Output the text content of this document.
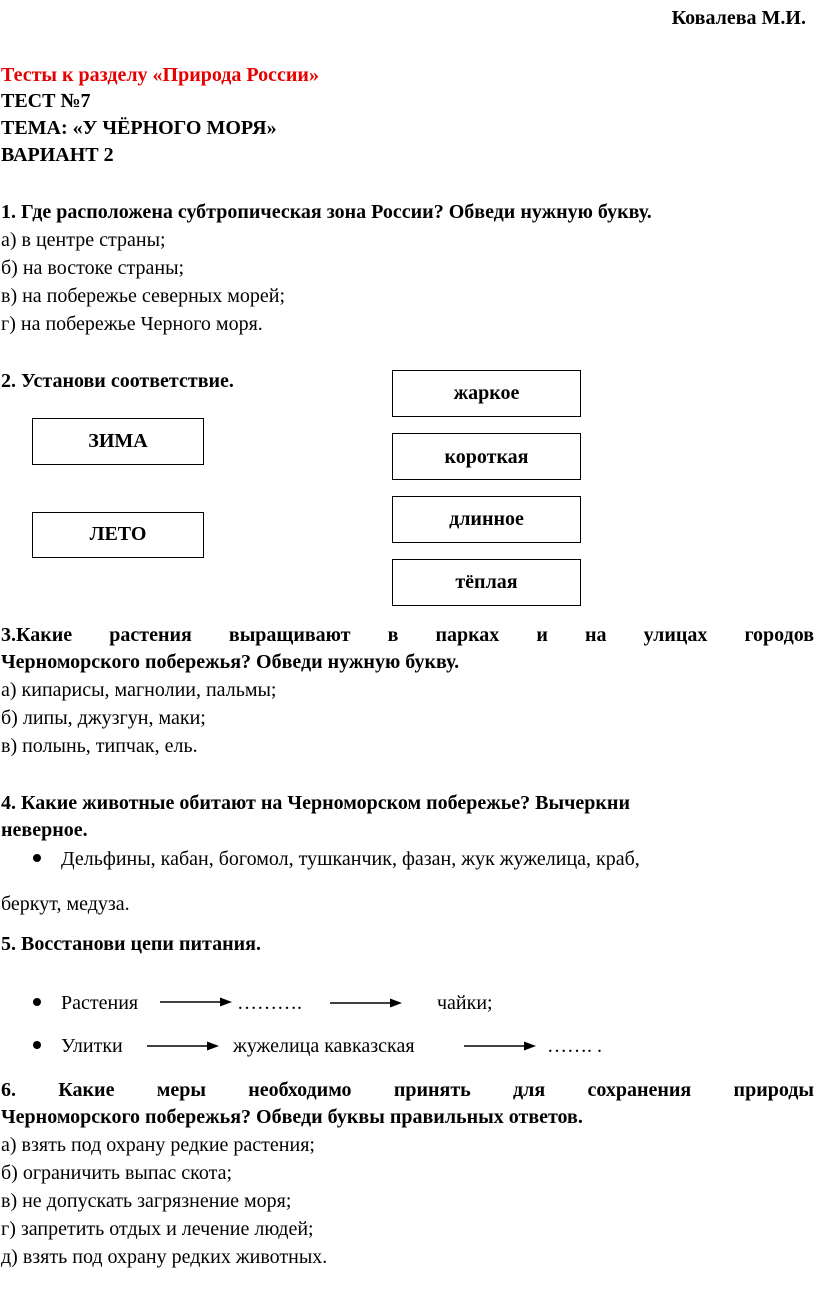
Ковалева М.И.
Тесты к разделу «Природа России»
ТЕСТ №7
ТЕМА: «У ЧЁРНОГО МОРЯ»
ВАРИАНТ 2
1. Где расположена субтропическая зона России? Обведи нужную букву.
а) в центре страны;
б) на востоке страны;
в) на побережье северных морей;
г) на побережье Черного моря.
2. Установи соответствие.
ЗИМА
ЛЕТО
жаркое
короткая
длинное
тёплая
3.Какие растения выращивают в парках и на улицах городов
Черноморского побережья? Обведи нужную букву.
а) кипарисы, магнолии, пальмы;
б) липы, джузгун, маки;
в) полынь, типчак, ель.
4. Какие животные обитают на Черноморском побережье? Вычеркни
неверное.
Дельфины, кабан, богомол, тушканчик, фазан, жук жужелица, краб,
беркут, медуза.
5. Восстанови цепи питания.
Растения	……….	чайки;
Улитки	жужелица кавказская	……. .
6. Какие меры необходимо принять для сохранения природы
Черноморского побережья? Обведи буквы правильных ответов.
а) взять под охрану редкие растения;
б) ограничить выпас скота;
в) не допускать загрязнение моря;
г) запретить отдых и лечение людей;
д) взять под охрану редких животных.
